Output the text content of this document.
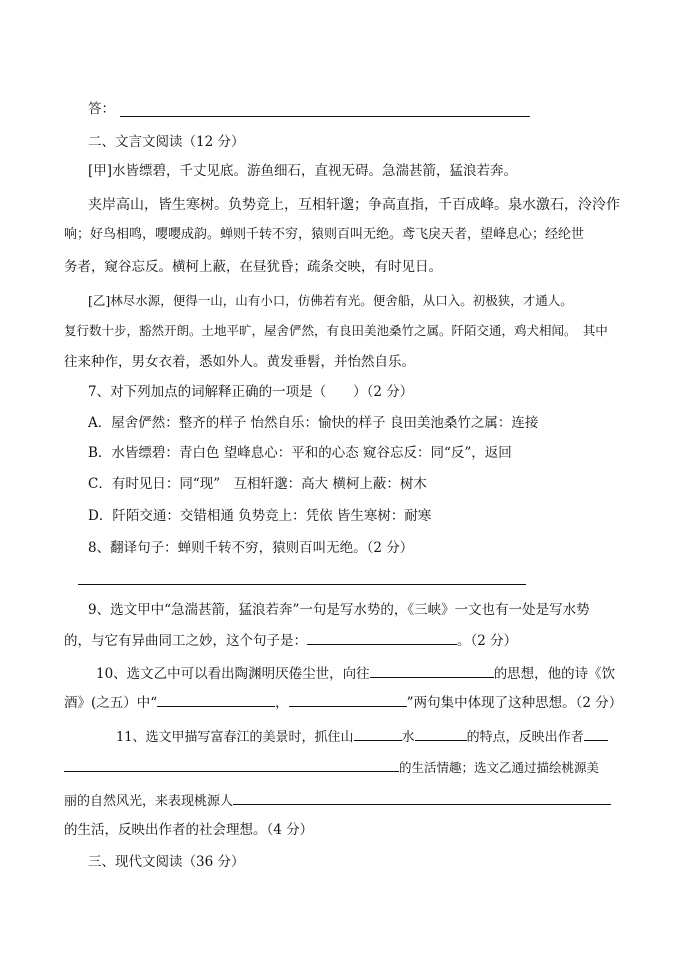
答：
二、文言文阅读（12 分）
[甲]水皆缥碧，千丈见底。游鱼细石，直视无碍。急湍甚箭，猛浪若奔。
夹岸高山，皆生寒树。负势竞上，互相轩邈；争高直指，千百成峰。泉水激石，泠泠作
响；好鸟相鸣，嘤嘤成韵。蝉则千转不穷，猿则百叫无绝。鸢飞戾天者，望峰息心；经纶世
务者，窥谷忘反。横柯上蔽，在昼犹昏；疏条交映，有时见日。
[乙]林尽水源，便得一山，山有小口，仿佛若有光。便舍船，从口入。初极狭，才通人。
复行数十步，豁然开朗。土地平旷，屋舍俨然，有良田美池桑竹之属。阡陌交通，鸡犬相闻。　其中
往来种作，男女衣着，悉如外人。黄发垂髫，并怡然自乐。
7、对下列加点的词解释正确的一项是（　　）（2 分）
A．屋舍俨然：整齐的样子 怡然自乐：愉快的样子 良田美池桑竹之属：连接
B．水皆缥碧：青白色 望峰息心：平和的心态 窥谷忘反：同“反”，返回
C．有时见日：同“现”　互相轩邈：高大 横柯上蔽：树木
D．阡陌交通：交错相通 负势竞上：凭依 皆生寒树：耐寒
8、翻译句子：蝉则千转不穷，猿则百叫无绝。（2 分）
9、选文甲中“急湍甚箭，猛浪若奔”一句是写水势的，《三峡》一文也有一处是写水势
的，与它有异曲同工之妙，这个句子是：	。（2 分）
10、选文乙中可以看出陶渊明厌倦尘世，向往	的思想，他的诗《饮
酒》(之五）中“	，	”两句集中体现了这种思想。（2 分）
11、选文甲描写富春江的美景时，抓住山	水	的特点，反映出作者
的生活情趣；选文乙通过描绘桃源美
丽的自然风光，来表现桃源人
的生活，反映出作者的社会理想。（4 分）
三、现代文阅读（36 分）
